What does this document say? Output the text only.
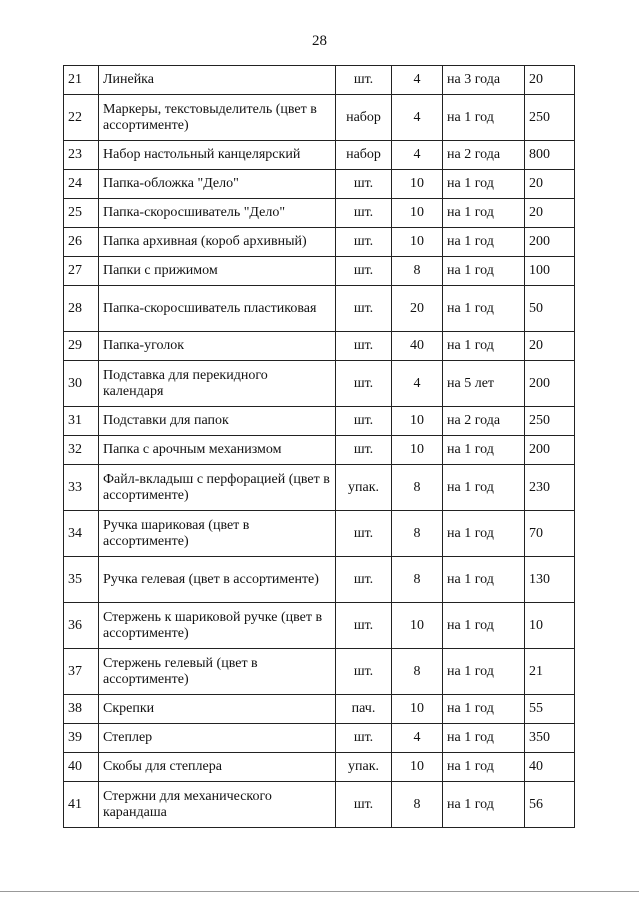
28
21	Линейка	шт.	4	на 3 года	20
22	Маркеры, текстовыделитель (цвет в ассортименте)	набор	4	на 1 год	250
23	Набор настольный канцелярский	набор	4	на 2 года	800
24	Папка-обложка "Дело"	шт.	10	на 1 год	20
25	Папка-скоросшиватель "Дело"	шт.	10	на 1 год	20
26	Папка архивная (короб архивный)	шт.	10	на 1 год	200
27	Папки с прижимом	шт.	8	на 1 год	100
28	Папка-скоросшиватель пластиковая	шт.	20	на 1 год	50
29	Папка-уголок	шт.	40	на 1 год	20
30	Подставка для перекидного календаря	шт.	4	на 5 лет	200
31	Подставки для папок	шт.	10	на 2 года	250
32	Папка с арочным механизмом	шт.	10	на 1 год	200
33	Файл-вкладыш с перфорацией (цвет в ассортименте)	упак.	8	на 1 год	230
34	Ручка шариковая (цвет в ассортименте)	шт.	8	на 1 год	70
35	Ручка гелевая (цвет в ассортименте)	шт.	8	на 1 год	130
36	Стержень к шариковой ручке (цвет в ассортименте)	шт.	10	на 1 год	10
37	Стержень гелевый (цвет в ассортименте)	шт.	8	на 1 год	21
38	Скрепки	пач.	10	на 1 год	55
39	Степлер	шт.	4	на 1 год	350
40	Скобы для степлера	упак.	10	на 1 год	40
41	Стержни для механического карандаша	шт.	8	на 1 год	56
